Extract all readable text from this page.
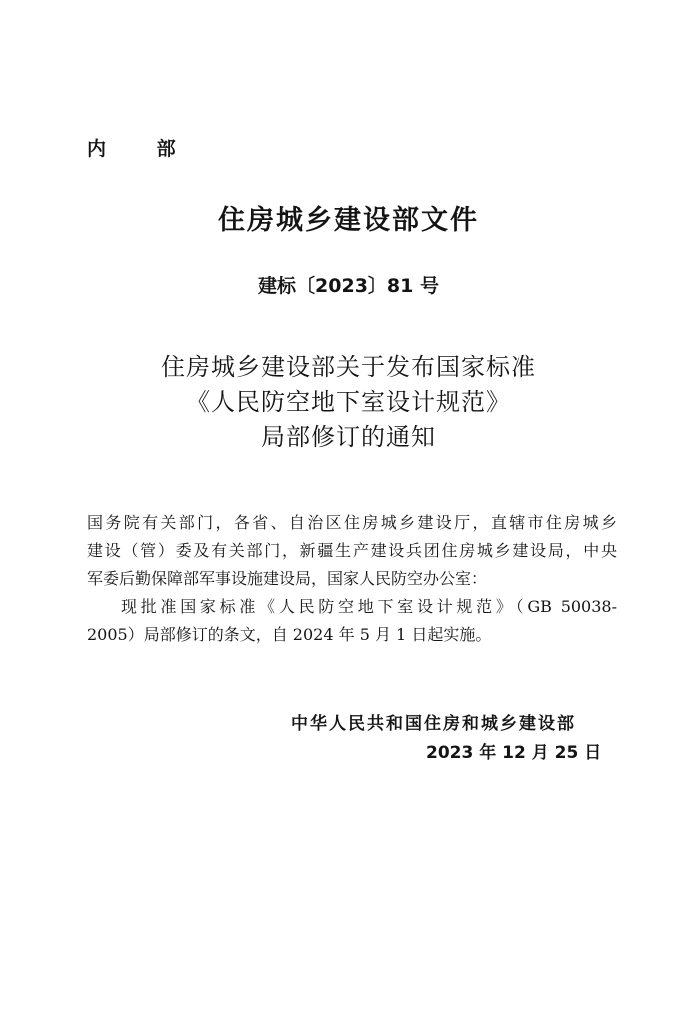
内 部
住房城乡建设部文件
建标〔2023〕81 号
住房城乡建设部关于发布国家标准
《人民防空地下室设计规范》
局部修订的通知

国务院有关部门，各省、自治区住房城乡建设厅，直辖市住房城乡
建设（管）委及有关部门，新疆生产建设兵团住房城乡建设局，中央
军委后勤保障部军事设施建设局，国家人民防空办公室：

现批准国家标准《人民防空地下室设计规范》（GB 50038-
2005）局部修订的条文，自 2024 年 5 月 1 日起实施。

中华人民共和国住房和城乡建设部
2023 年 12 月 25 日
